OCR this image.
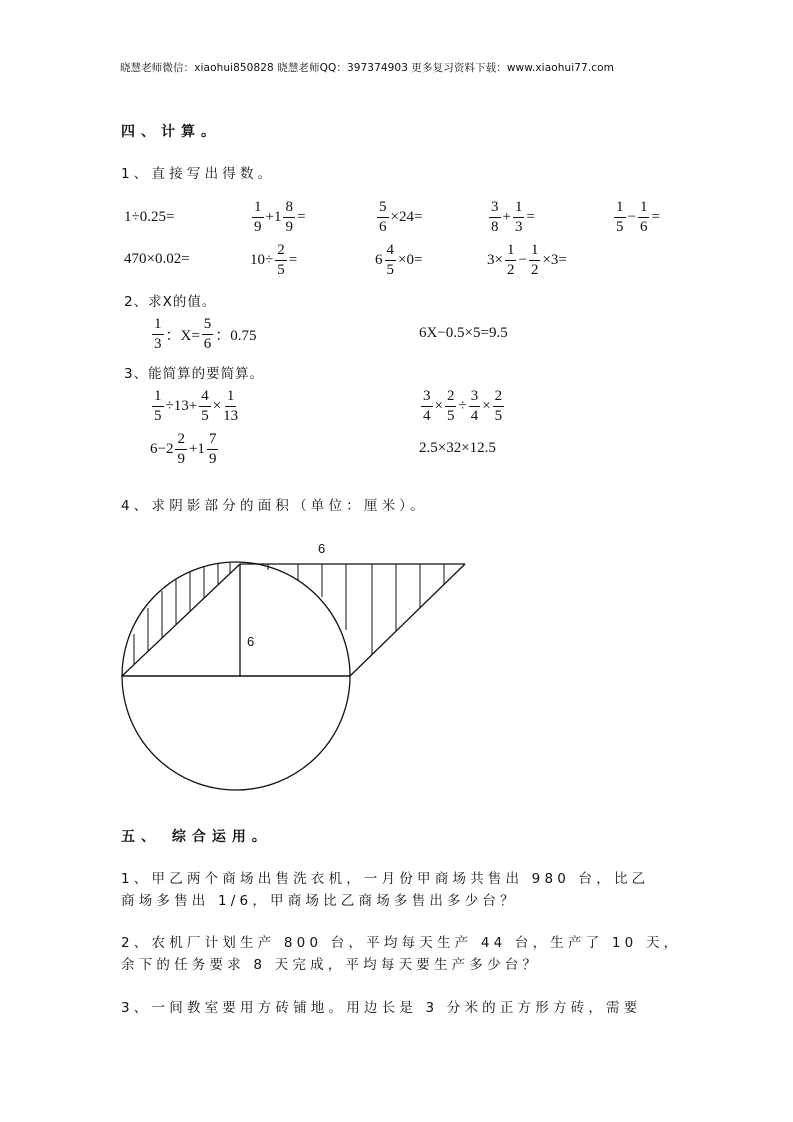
晓慧老师微信：xiaohui850828 晓慧老师QQ：397374903 更多复习资料下载：www.xiaohui77.com
四、计算。
1、直接写出得数。
1÷0.25=	$\frac{1}{9} +1 \frac{8}{9}$ =	$\frac{5}{6} \times 24=$	$\frac{3}{8} + \frac{1}{3}$ =	$\frac{1}{5} - \frac{1}{6}$ =
470×0.02=	$10\div \frac{2}{5}$ =	$6 \frac{4}{5} \times 0=$	$3\times \frac{1}{2} - \frac{1}{2} \times 3=$
2、求X的值。
$\frac{1}{3}$ ：$X= \frac{5}{6}$ ：0.75	6X−0.5×5=9.5
3、能简算的要简算。
$\frac{1}{5} \div 13+ \frac{4}{5} \times \frac{1}{13}$	$\frac{3}{4} \times \frac{2}{5} \div \frac{3}{4} \times \frac{2}{5}$
$6-2 \frac{2}{9} +1 \frac{7}{9}$	2.5×32×12.5
4、求阴影部分的面积（单位：厘米）。
6
6
五、 综合运用。
1、甲乙两个商场出售洗衣机，一月份甲商场共售出 980 台，比乙
商场多售出 1/6，甲商场比乙商场多售出多少台？
2、农机厂计划生产 800 台，平均每天生产 44 台，生产了 10 天，
余下的任务要求 8 天完成，平均每天要生产多少台？
3、一间教室要用方砖铺地。用边长是 3 分米的正方形方砖，需要
